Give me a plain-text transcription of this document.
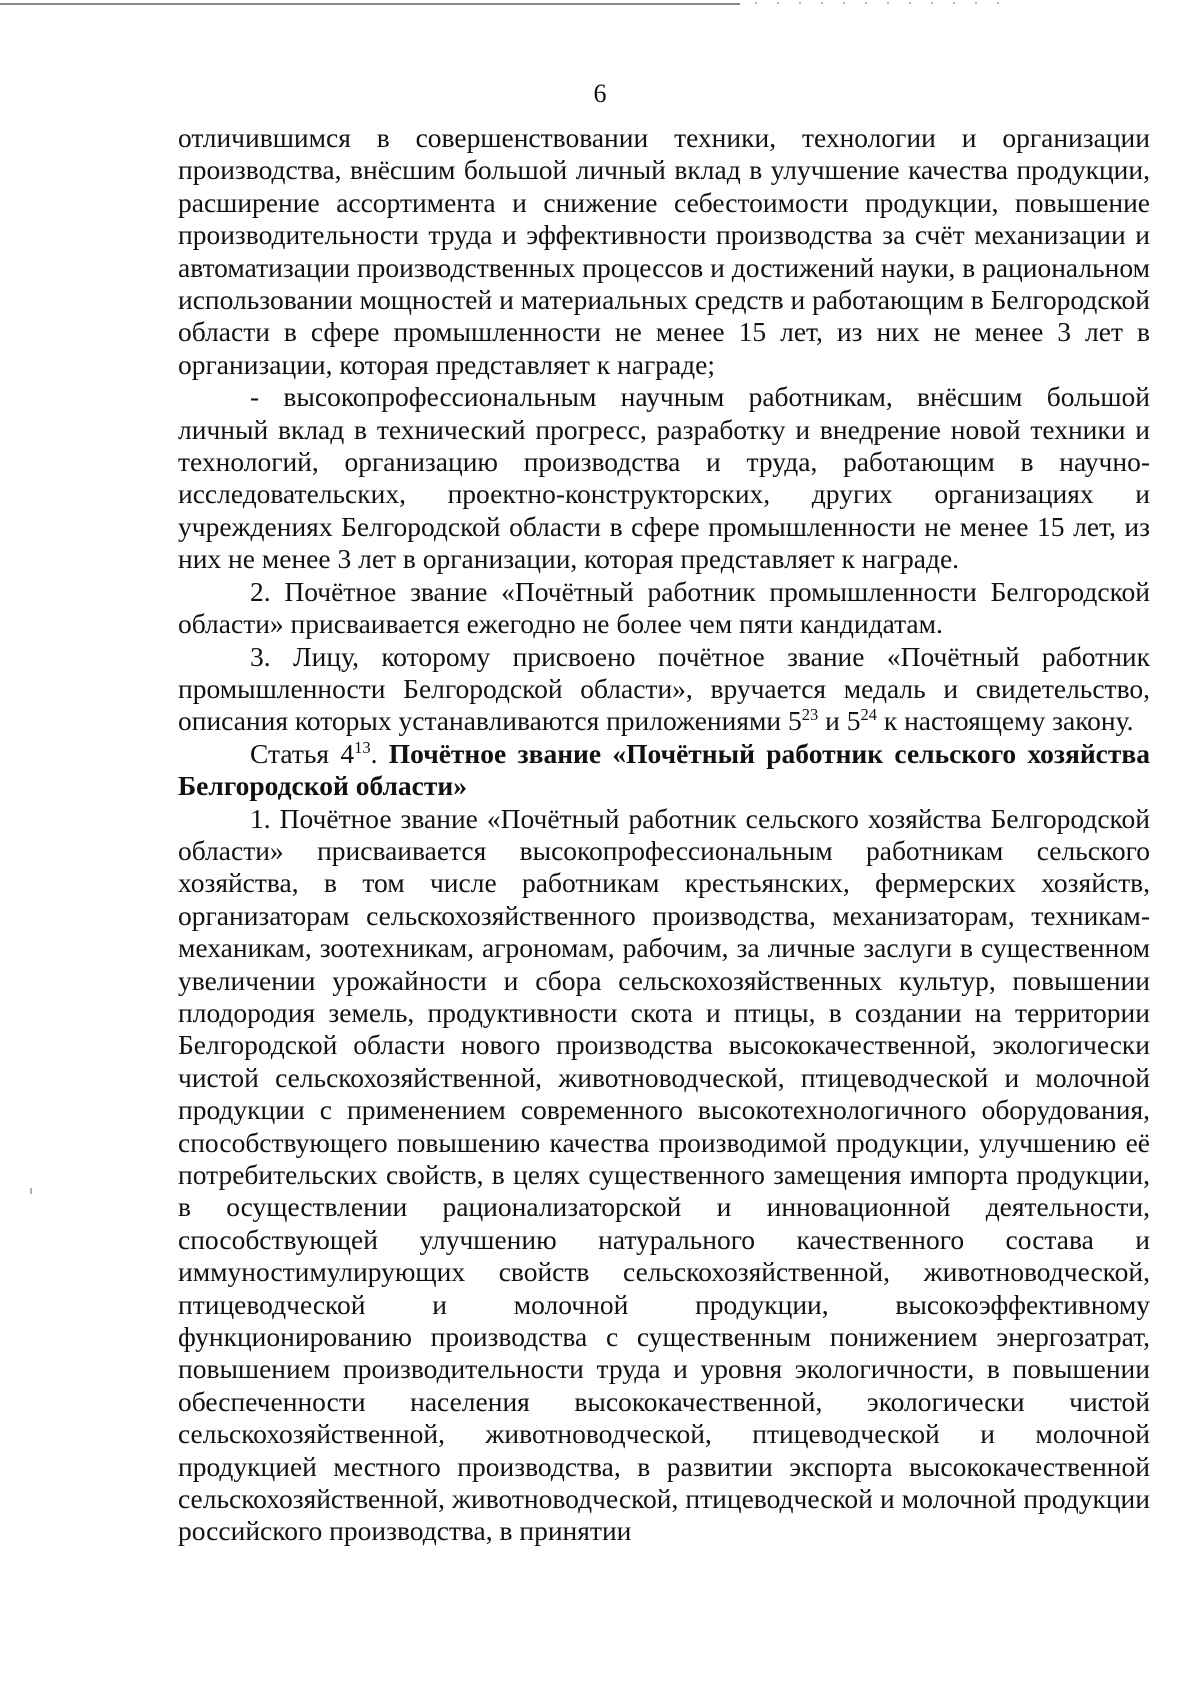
6

отличившимся в совершенствовании техники, технологии и организации производства, внёсшим большой личный вклад в улучшение качества продукции, расширение ассортимента и снижение себестоимости продукции, повышение производительности труда и эффективности производства за счёт механизации и автоматизации производственных процессов и достижений науки, в рациональном использовании мощностей и материальных средств и работающим в Белгородской области в сфере промышленности не менее 15 лет, из них не менее 3 лет в организации, которая представляет к награде;

- высокопрофессиональным научным работникам, внёсшим большой личный вклад в технический прогресс, разработку и внедрение новой техники и технологий, организацию производства и труда, работающим в научно-исследовательских, проектно-конструкторских, других организациях и учреждениях Белгородской области в сфере промышленности не менее 15 лет, из них не менее 3 лет в организации, которая представляет к награде.

2. Почётное звание «Почётный работник промышленности Белгородской области» присваивается ежегодно не более чем пяти кандидатам.

3. Лицу, которому присвоено почётное звание «Почётный работник промышленности Белгородской области», вручается медаль и свидетельство, описания которых устанавливаются приложениями $5^{23}$ и $5^{24}$ к настоящему закону.

Статья $4^{13}$. Почётное звание «Почётный работник сельского хозяйства Белгородской области»

1. Почётное звание «Почётный работник сельского хозяйства Белгородской области» присваивается высокопрофессиональным работникам сельского хозяйства, в том числе работникам крестьянских, фермерских хозяйств, организаторам сельскохозяйственного производства, механизаторам, техникам-механикам, зоотехникам, агрономам, рабочим, за личные заслуги в существенном увеличении урожайности и сбора сельскохозяйственных культур, повышении плодородия земель, продуктивности скота и птицы, в создании на территории Белгородской области нового производства высококачественной, экологически чистой сельскохозяйственной, животноводческой, птицеводческой и молочной продукции с применением современного высокотехнологичного оборудования, способствующего повышению качества производимой продукции, улучшению её потребительских свойств, в целях существенного замещения импорта продукции, в осуществлении рационализаторской и инновационной деятельности, способствующей улучшению натурального качественного состава и иммуностимулирующих свойств сельскохозяйственной, животноводческой, птицеводческой и молочной продукции, высокоэффективному функционированию производства с существенным понижением энергозатрат, повышением производительности труда и уровня экологичности, в повышении обеспеченности населения высококачественной, экологически чистой сельскохозяйственной, животноводческой, птицеводческой и молочной продукцией местного производства, в развитии экспорта высококачественной сельскохозяйственной, животноводческой, птицеводческой и молочной продукции российского производства, в принятии
